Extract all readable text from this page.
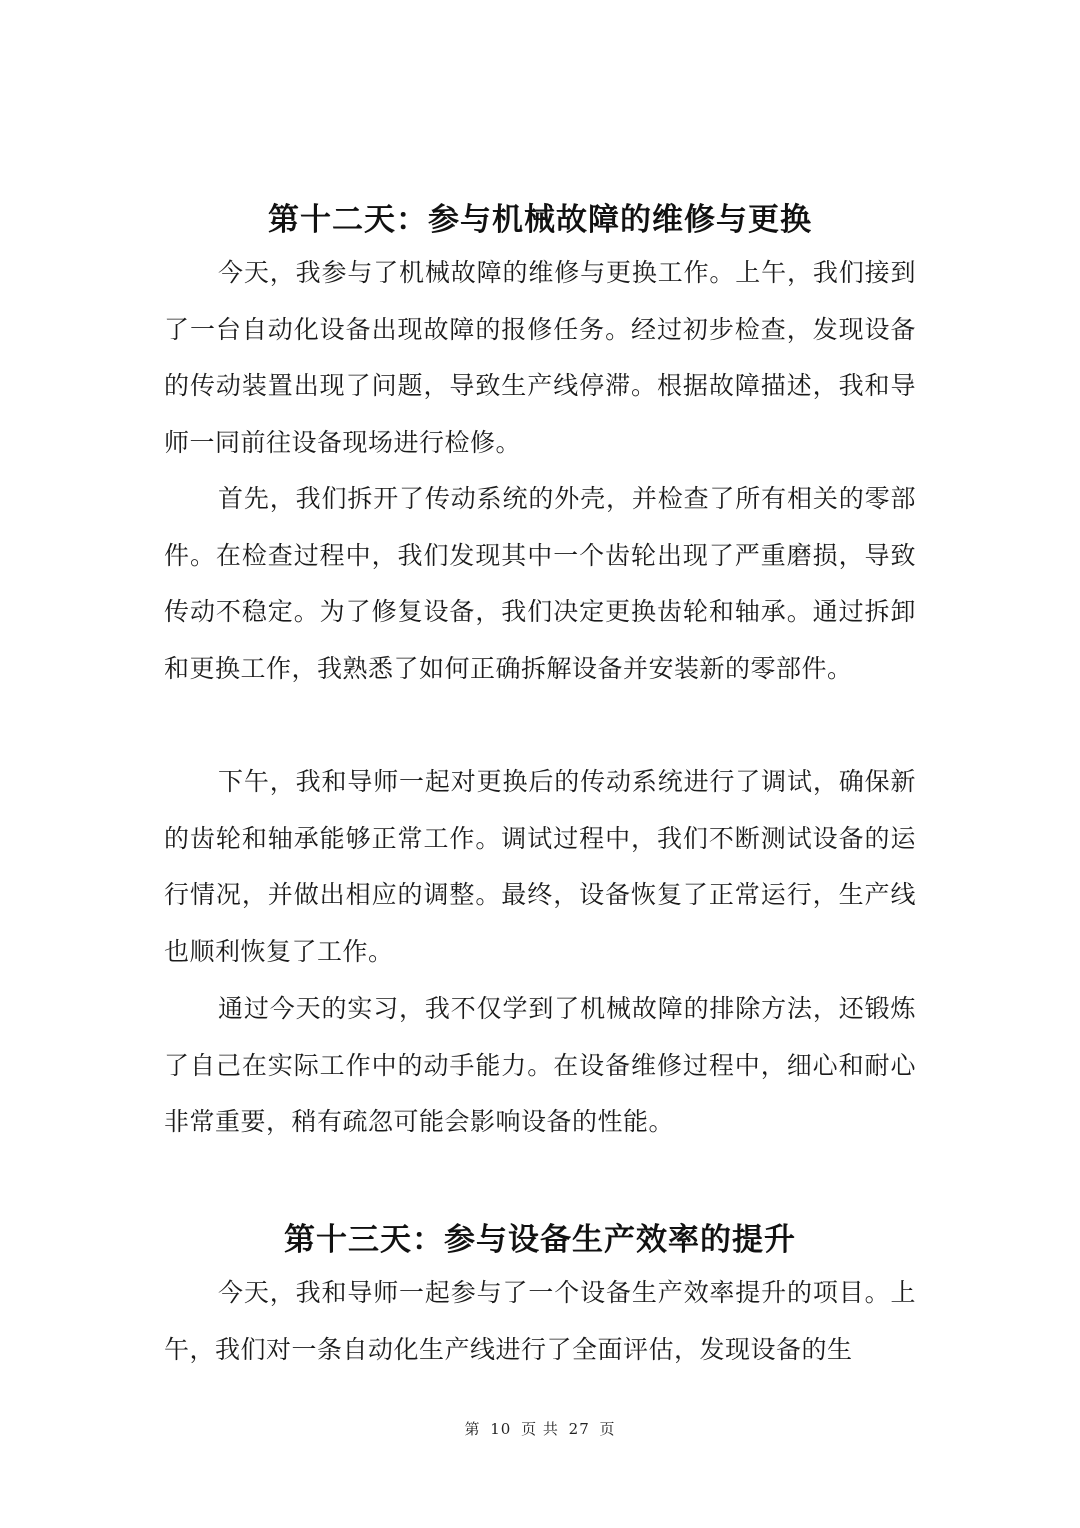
第十二天：参与机械故障的维修与更换

今天，我参与了机械故障的维修与更换工作。上午，我们接到了一台自动化设备出现故障的报修任务。经过初步检查，发现设备的传动装置出现了问题，导致生产线停滞。根据故障描述，我和导师一同前往设备现场进行检修。

首先，我们拆开了传动系统的外壳，并检查了所有相关的零部件。在检查过程中，我们发现其中一个齿轮出现了严重磨损，导致传动不稳定。为了修复设备，我们决定更换齿轮和轴承。通过拆卸和更换工作，我熟悉了如何正确拆解设备并安装新的零部件。

下午，我和导师一起对更换后的传动系统进行了调试，确保新的齿轮和轴承能够正常工作。调试过程中，我们不断测试设备的运行情况，并做出相应的调整。最终，设备恢复了正常运行，生产线也顺利恢复了工作。

通过今天的实习，我不仅学到了机械故障的排除方法，还锻炼了自己在实际工作中的动手能力。在设备维修过程中，细心和耐心非常重要，稍有疏忽可能会影响设备的性能。

第十三天：参与设备生产效率的提升

今天，我和导师一起参与了一个设备生产效率提升的项目。上午，我们对一条自动化生产线进行了全面评估，发现设备的生

第 10 页 共 27 页
